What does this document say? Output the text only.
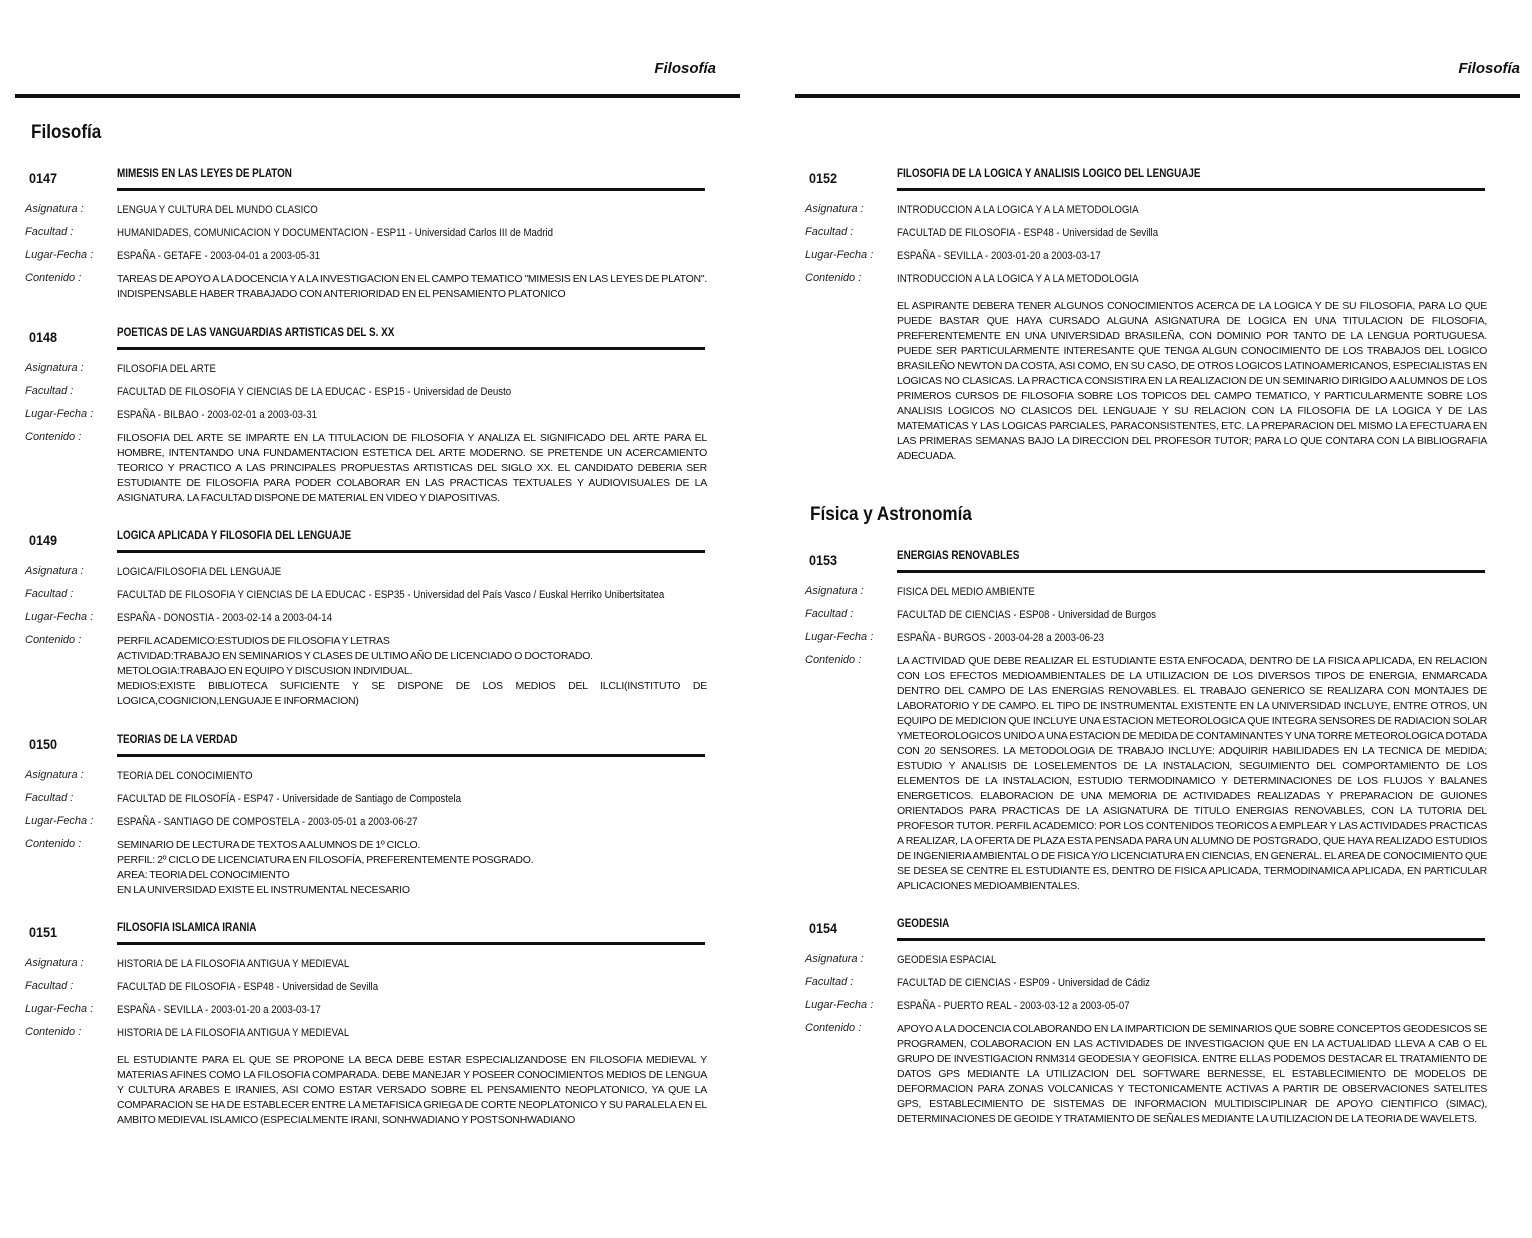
Filosofía
Filosofía
0147	MIMESIS EN LAS LEYES DE PLATON
Asignatura :	LENGUA Y CULTURA DEL MUNDO CLASICO
Facultad :	HUMANIDADES, COMUNICACION Y DOCUMENTACION - ESP11 - Universidad Carlos III de Madrid
Lugar-Fecha :	ESPAÑA - GETAFE - 2003-04-01 a 2003-05-31
Contenido :	TAREAS DE APOYO A LA DOCENCIA Y A LA INVESTIGACION EN EL CAMPO TEMATICO "MIMESIS EN LAS LEYES DE PLATON". INDISPENSABLE HABER TRABAJADO CON ANTERIORIDAD EN EL PENSAMIENTO PLATONICO
0148	POETICAS DE LAS VANGUARDIAS ARTISTICAS DEL S. XX
Asignatura :	FILOSOFIA DEL ARTE
Facultad :	FACULTAD DE FILOSOFIA Y CIENCIAS DE LA EDUCAC - ESP15 - Universidad de Deusto
Lugar-Fecha :	ESPAÑA - BILBAO - 2003-02-01 a 2003-03-31
Contenido :	FILOSOFIA DEL ARTE SE IMPARTE EN LA TITULACION DE FILOSOFIA Y ANALIZA EL SIGNIFICADO DEL ARTE PARA EL HOMBRE, INTENTANDO UNA FUNDAMENTACION ESTETICA DEL ARTE MODERNO. SE PRETENDE UN ACERCAMIENTO TEORICO Y PRACTICO A LAS PRINCIPALES PROPUESTAS ARTISTICAS DEL SIGLO XX. EL CANDIDATO DEBERIA SER ESTUDIANTE DE FILOSOFIA PARA PODER COLABORAR EN LAS PRACTICAS TEXTUALES Y AUDIOVISUALES DE LA ASIGNATURA. LA FACULTAD DISPONE DE MATERIAL EN VIDEO Y DIAPOSITIVAS.
0149	LOGICA APLICADA Y FILOSOFIA DEL LENGUAJE
Asignatura :	LOGICA/FILOSOFIA DEL LENGUAJE
Facultad :	FACULTAD DE FILOSOFIA Y CIENCIAS DE LA EDUCAC - ESP35 - Universidad del País Vasco / Euskal Herriko Unibertsitatea
Lugar-Fecha :	ESPAÑA - DONOSTIA - 2003-02-14 a 2003-04-14
Contenido :	PERFIL ACADEMICO:ESTUDIOS DE FILOSOFIA Y LETRAS
ACTIVIDAD:TRABAJO EN SEMINARIOS Y CLASES DE ULTIMO AÑO DE LICENCIADO O DOCTORADO.
METOLOGIA:TRABAJO EN EQUIPO Y DISCUSION INDIVIDUAL.
MEDIOS:EXISTE BIBLIOTECA SUFICIENTE Y SE DISPONE DE LOS MEDIOS DEL ILCLI(INSTITUTO DE LOGICA,COGNICION,LENGUAJE E INFORMACION)
0150	TEORIAS DE LA VERDAD
Asignatura :	TEORIA DEL CONOCIMIENTO
Facultad :	FACULTAD DE FILOSOFÍA - ESP47 - Universidade de Santiago de Compostela
Lugar-Fecha :	ESPAÑA - SANTIAGO DE COMPOSTELA - 2003-05-01 a 2003-06-27
Contenido :	SEMINARIO DE LECTURA DE TEXTOS A ALUMNOS DE 1º CICLO.
PERFIL: 2º CICLO DE LICENCIATURA EN FILOSOFÍA, PREFERENTEMENTE POSGRADO.
AREA: TEORIA DEL CONOCIMIENTO
EN LA UNIVERSIDAD EXISTE EL INSTRUMENTAL NECESARIO
0151	FILOSOFIA ISLAMICA IRANIA
Asignatura :	HISTORIA DE LA FILOSOFIA ANTIGUA Y MEDIEVAL
Facultad :	FACULTAD DE FILOSOFIA - ESP48 - Universidad de Sevilla
Lugar-Fecha :	ESPAÑA - SEVILLA - 2003-01-20 a 2003-03-17
Contenido :	HISTORIA DE LA FILOSOFIA ANTIGUA Y MEDIEVAL
EL ESTUDIANTE PARA EL QUE SE PROPONE LA BECA DEBE ESTAR ESPECIALIZANDOSE EN FILOSOFIA MEDIEVAL Y MATERIAS AFINES COMO LA FILOSOFIA COMPARADA. DEBE MANEJAR Y POSEER CONOCIMIENTOS MEDIOS DE LENGUA Y CULTURA ARABES E IRANIES, ASI COMO ESTAR VERSADO SOBRE EL PENSAMIENTO NEOPLATONICO, YA QUE LA COMPARACION SE HA DE ESTABLECER ENTRE LA METAFISICA GRIEGA DE CORTE NEOPLATONICO Y SU PARALELA EN EL AMBITO MEDIEVAL ISLAMICO (ESPECIALMENTE IRANI, SONHWADIANO Y POSTSONHWADIANO
Filosofía
0152	FILOSOFIA DE LA LOGICA Y ANALISIS LOGICO DEL LENGUAJE
Asignatura :	INTRODUCCION A LA LOGICA Y A LA METODOLOGIA
Facultad :	FACULTAD DE FILOSOFIA - ESP48 - Universidad de Sevilla
Lugar-Fecha :	ESPAÑA - SEVILLA - 2003-01-20 a 2003-03-17
Contenido :	INTRODUCCION A LA LOGICA Y A LA METODOLOGIA
EL ASPIRANTE DEBERA TENER ALGUNOS CONOCIMIENTOS ACERCA DE LA LOGICA Y DE SU FILOSOFIA, PARA LO QUE PUEDE BASTAR QUE HAYA CURSADO ALGUNA ASIGNATURA DE LOGICA EN UNA TITULACION DE FILOSOFIA, PREFERENTEMENTE EN UNA UNIVERSIDAD BRASILEÑA, CON DOMINIO POR TANTO DE LA LENGUA PORTUGUESA. PUEDE SER PARTICULARMENTE INTERESANTE QUE TENGA ALGUN CONOCIMIENTO DE LOS TRABAJOS DEL LOGICO BRASILEÑO NEWTON DA COSTA, ASI COMO, EN SU CASO, DE OTROS LOGICOS LATINOAMERICANOS, ESPECIALISTAS EN LOGICAS NO CLASICAS. LA PRACTICA CONSISTIRA EN LA REALIZACION DE UN SEMINARIO DIRIGIDO A ALUMNOS DE LOS PRIMEROS CURSOS DE FILOSOFIA SOBRE LOS TOPICOS DEL CAMPO TEMATICO, Y PARTICULARMENTE SOBRE LOS ANALISIS LOGICOS NO CLASICOS DEL LENGUAJE Y SU RELACION CON LA FILOSOFIA DE LA LOGICA Y DE LAS MATEMATICAS Y LAS LOGICAS PARCIALES, PARACONSISTENTES, ETC. LA PREPARACION DEL MISMO LA EFECTUARA EN LAS PRIMERAS SEMANAS BAJO LA DIRECCION DEL PROFESOR TUTOR; PARA LO QUE CONTARA CON LA BIBLIOGRAFIA ADECUADA.
Física y Astronomía
0153	ENERGIAS RENOVABLES
Asignatura :	FISICA DEL MEDIO AMBIENTE
Facultad :	FACULTAD DE CIENCIAS - ESP08 - Universidad de Burgos
Lugar-Fecha :	ESPAÑA - BURGOS - 2003-04-28 a 2003-06-23
Contenido :	LA ACTIVIDAD QUE DEBE REALIZAR EL ESTUDIANTE ESTA ENFOCADA, DENTRO DE LA FISICA APLICADA, EN RELACION CON LOS EFECTOS MEDIOAMBIENTALES DE LA UTILIZACION DE LOS DIVERSOS TIPOS DE ENERGIA, ENMARCADA DENTRO DEL CAMPO DE LAS ENERGIAS RENOVABLES. EL TRABAJO GENERICO SE REALIZARA CON MONTAJES DE LABORATORIO Y DE CAMPO. EL TIPO DE INSTRUMENTAL EXISTENTE EN LA UNIVERSIDAD INCLUYE, ENTRE OTROS, UN EQUIPO DE MEDICION QUE INCLUYE UNA ESTACION METEOROLOGICA QUE INTEGRA SENSORES DE RADIACION SOLAR YMETEOROLOGICOS UNIDO A UNA ESTACION DE MEDIDA DE CONTAMINANTES Y UNA TORRE METEOROLOGICA DOTADA CON 20 SENSORES. LA METODOLOGIA DE TRABAJO INCLUYE: ADQUIRIR HABILIDADES EN LA TECNICA DE MEDIDA; ESTUDIO Y ANALISIS DE LOSELEMENTOS DE LA INSTALACION, SEGUIMIENTO DEL COMPORTAMIENTO DE LOS ELEMENTOS DE LA INSTALACION, ESTUDIO TERMODINAMICO Y DETERMINACIONES DE LOS FLUJOS Y BALANES ENERGETICOS. ELABORACION DE UNA MEMORIA DE ACTIVIDADES REALIZADAS Y PREPARACION DE GUIONES ORIENTADOS PARA PRACTICAS DE LA ASIGNATURA DE TITULO ENERGIAS RENOVABLES, CON LA TUTORIA DEL PROFESOR TUTOR. PERFIL ACADEMICO: POR LOS CONTENIDOS TEORICOS A EMPLEAR Y LAS ACTIVIDADES PRACTICAS A REALIZAR, LA OFERTA DE PLAZA ESTA PENSADA PARA UN ALUMNO DE POSTGRADO, QUE HAYA REALIZADO ESTUDIOS DE INGENIERIA AMBIENTAL O DE FISICA Y/O LICENCIATURA EN CIENCIAS, EN GENERAL. EL AREA DE CONOCIMIENTO QUE SE DESEA SE CENTRE EL ESTUDIANTE ES, DENTRO DE FISICA APLICADA, TERMODINAMICA APLICADA, EN PARTICULAR APLICACIONES MEDIOAMBIENTALES.
0154	GEODESIA
Asignatura :	GEODESIA ESPACIAL
Facultad :	FACULTAD DE CIENCIAS - ESP09 - Universidad de Cádiz
Lugar-Fecha :	ESPAÑA - PUERTO REAL - 2003-03-12 a 2003-05-07
Contenido :	APOYO A LA DOCENCIA COLABORANDO EN LA IMPARTICION DE SEMINARIOS QUE SOBRE CONCEPTOS GEODESICOS SE PROGRAMEN, COLABORACION EN LAS ACTIVIDADES DE INVESTIGACION QUE EN LA ACTUALIDAD LLEVA A CAB O EL GRUPO DE INVESTIGACION RNM314 GEODESIA Y GEOFISICA. ENTRE ELLAS PODEMOS DESTACAR EL TRATAMIENTO DE DATOS GPS MEDIANTE LA UTILIZACION DEL SOFTWARE BERNESSE, EL ESTABLECIMIENTO DE MODELOS DE DEFORMACION PARA ZONAS VOLCANICAS Y TECTONICAMENTE ACTIVAS A PARTIR DE OBSERVACIONES SATELITES GPS, ESTABLECIMIENTO DE SISTEMAS DE INFORMACION MULTIDISCIPLINAR DE APOYO CIENTIFICO (SIMAC), DETERMINACIONES DE GEOIDE Y TRATAMIENTO DE SEÑALES MEDIANTE LA UTILIZACION DE LA TEORIA DE WAVELETS.
